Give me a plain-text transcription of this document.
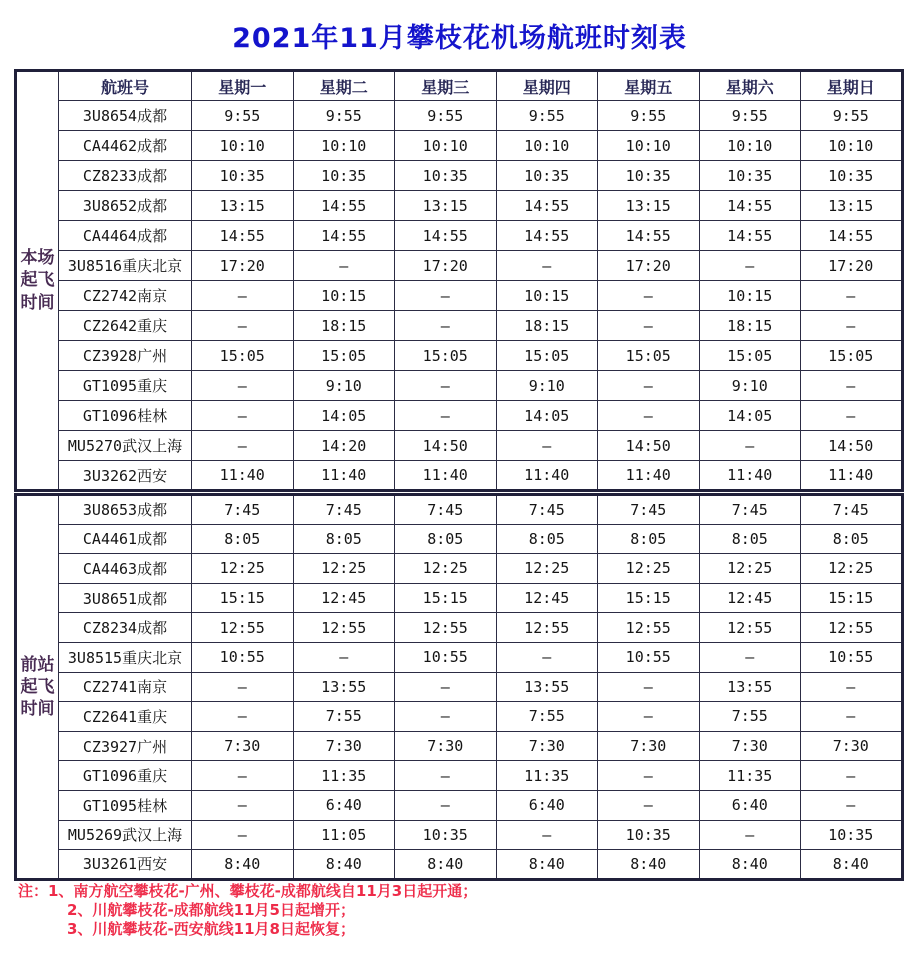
2021年11月攀枝花机场航班时刻表
本场
起飞
时间	航班号	星期一	星期二	星期三	星期四	星期五	星期六	星期日
	3U8654成都	9:55	9:55	9:55	9:55	9:55	9:55	9:55
	CA4462成都	10:10	10:10	10:10	10:10	10:10	10:10	10:10
	CZ8233成都	10:35	10:35	10:35	10:35	10:35	10:35	10:35
	3U8652成都	13:15	14:55	13:15	14:55	13:15	14:55	13:15
	CA4464成都	14:55	14:55	14:55	14:55	14:55	14:55	14:55
	3U8516重庆北京	17:20	–	17:20	–	17:20	–	17:20
	CZ2742南京	–	10:15	–	10:15	–	10:15	–
	CZ2642重庆	–	18:15	–	18:15	–	18:15	–
	CZ3928广州	15:05	15:05	15:05	15:05	15:05	15:05	15:05
	GT1095重庆	–	9:10	–	9:10	–	9:10	–
	GT1096桂林	–	14:05	–	14:05	–	14:05	–
	MU5270武汉上海	–	14:20	14:50	–	14:50	–	14:50
	3U3262西安	11:40	11:40	11:40	11:40	11:40	11:40	11:40
前站
起飞
时间	3U8653成都	7:45	7:45	7:45	7:45	7:45	7:45	7:45
	CA4461成都	8:05	8:05	8:05	8:05	8:05	8:05	8:05
	CA4463成都	12:25	12:25	12:25	12:25	12:25	12:25	12:25
	3U8651成都	15:15	12:45	15:15	12:45	15:15	12:45	15:15
	CZ8234成都	12:55	12:55	12:55	12:55	12:55	12:55	12:55
	3U8515重庆北京	10:55	–	10:55	–	10:55	–	10:55
	CZ2741南京	–	13:55	–	13:55	–	13:55	–
	CZ2641重庆	–	7:55	–	7:55	–	7:55	–
	CZ3927广州	7:30	7:30	7:30	7:30	7:30	7:30	7:30
	GT1096重庆	–	11:35	–	11:35	–	11:35	–
	GT1095桂林	–	6:40	–	6:40	–	6:40	–
	MU5269武汉上海	–	11:05	10:35	–	10:35	–	10:35
	3U3261西安	8:40	8:40	8:40	8:40	8:40	8:40	8:40
注：1、南方航空攀枝花-广州、攀枝花-成都航线自11月3日起开通；
2、川航攀枝花-成都航线11月5日起增开；
3、川航攀枝花-西安航线11月8日起恢复；
